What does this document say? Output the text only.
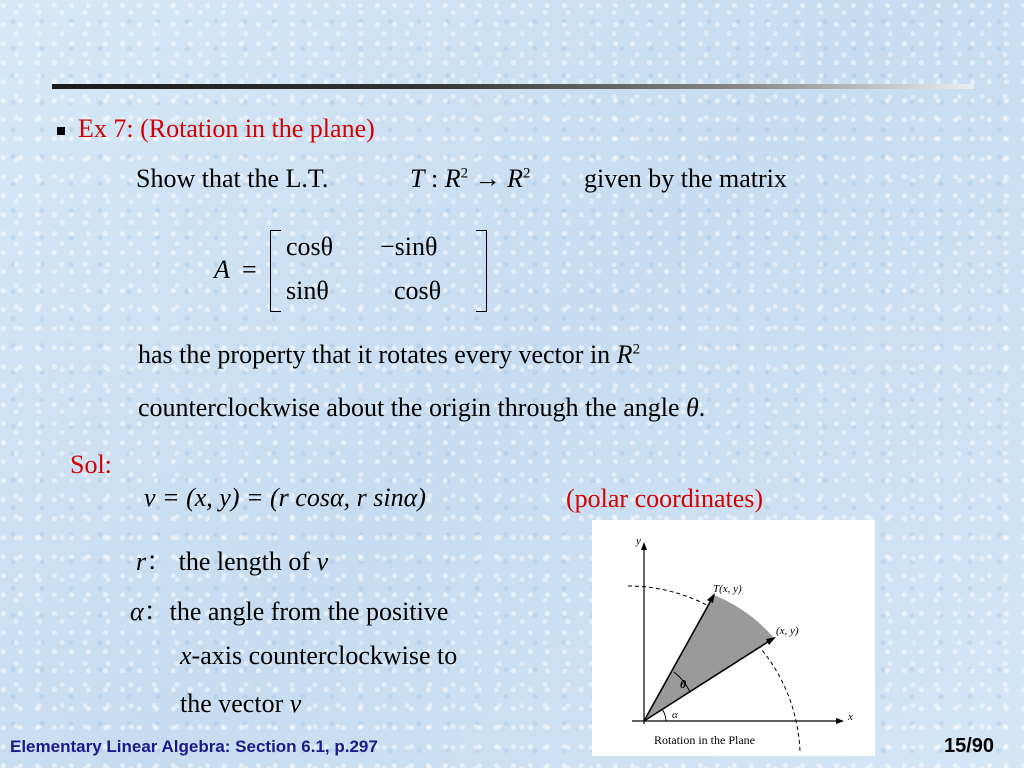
Ex 7: (Rotation in the plane)
Show that the L.T.	T : $R^2 \to R^2$ given by the matrix
A =
cosθ −sinθ
sinθ	cosθ
has the property that it rotates every vector in $R^2$
counterclockwise about the origin through the angle θ.
Sol:
v = (x, y) = (r cosα, r sinα)	(polar coordinates)
r： the length of v
α：the angle from the positive
x-axis counterclockwise to
the vector v
y
x
T(x, y)
(x, y)
θ
α
Rotation in the Plane
Elementary Linear Algebra: Section 6.1, p.297	15/90
